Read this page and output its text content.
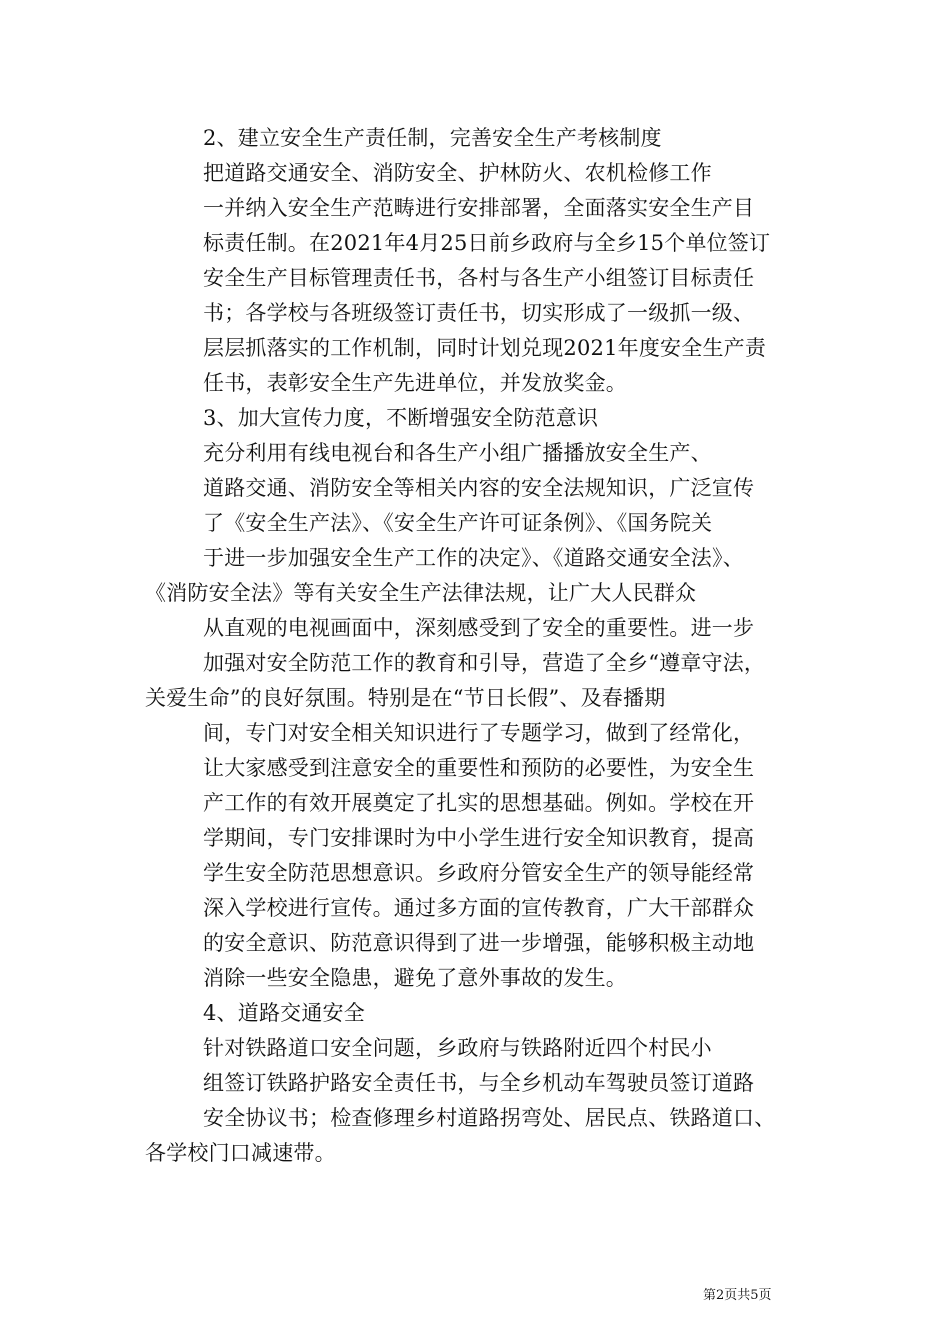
2、建立安全生产责任制，完善安全生产考核制度
把道路交通安全、消防安全、护林防火、农机检修工作
一并纳入安全生产范畴进行安排部署，全面落实安全生产目
标责任制。在2021年4月25日前乡政府与全乡15个单位签订
安全生产目标管理责任书，各村与各生产小组签订目标责任
书；各学校与各班级签订责任书，切实形成了一级抓一级、
层层抓落实的工作机制，同时计划兑现2021年度安全生产责
任书，表彰安全生产先进单位，并发放奖金。
3、加大宣传力度，不断增强安全防范意识
充分利用有线电视台和各生产小组广播播放安全生产、
道路交通、消防安全等相关内容的安全法规知识，广泛宣传
了《安全生产法》、《安全生产许可证条例》、《国务院关
于进一步加强安全生产工作的决定》、《道路交通安全法》、
《消防安全法》等有关安全生产法律法规，让广大人民群众
从直观的电视画面中，深刻感受到了安全的重要性。进一步
加强对安全防范工作的教育和引导，营造了全乡“遵章守法，
关爱生命”的良好氛围。特别是在“节日长假”、及春播期
间，专门对安全相关知识进行了专题学习，做到了经常化，
让大家感受到注意安全的重要性和预防的必要性，为安全生
产工作的有效开展奠定了扎实的思想基础。例如。学校在开
学期间，专门安排课时为中小学生进行安全知识教育，提高
学生安全防范思想意识。乡政府分管安全生产的领导能经常
深入学校进行宣传。通过多方面的宣传教育，广大干部群众
的安全意识、防范意识得到了进一步增强，能够积极主动地
消除一些安全隐患，避免了意外事故的发生。
4、道路交通安全
针对铁路道口安全问题，乡政府与铁路附近四个村民小
组签订铁路护路安全责任书，与全乡机动车驾驶员签订道路
安全协议书；检查修理乡村道路拐弯处、居民点、铁路道口、
各学校门口减速带。
第2页共5页
